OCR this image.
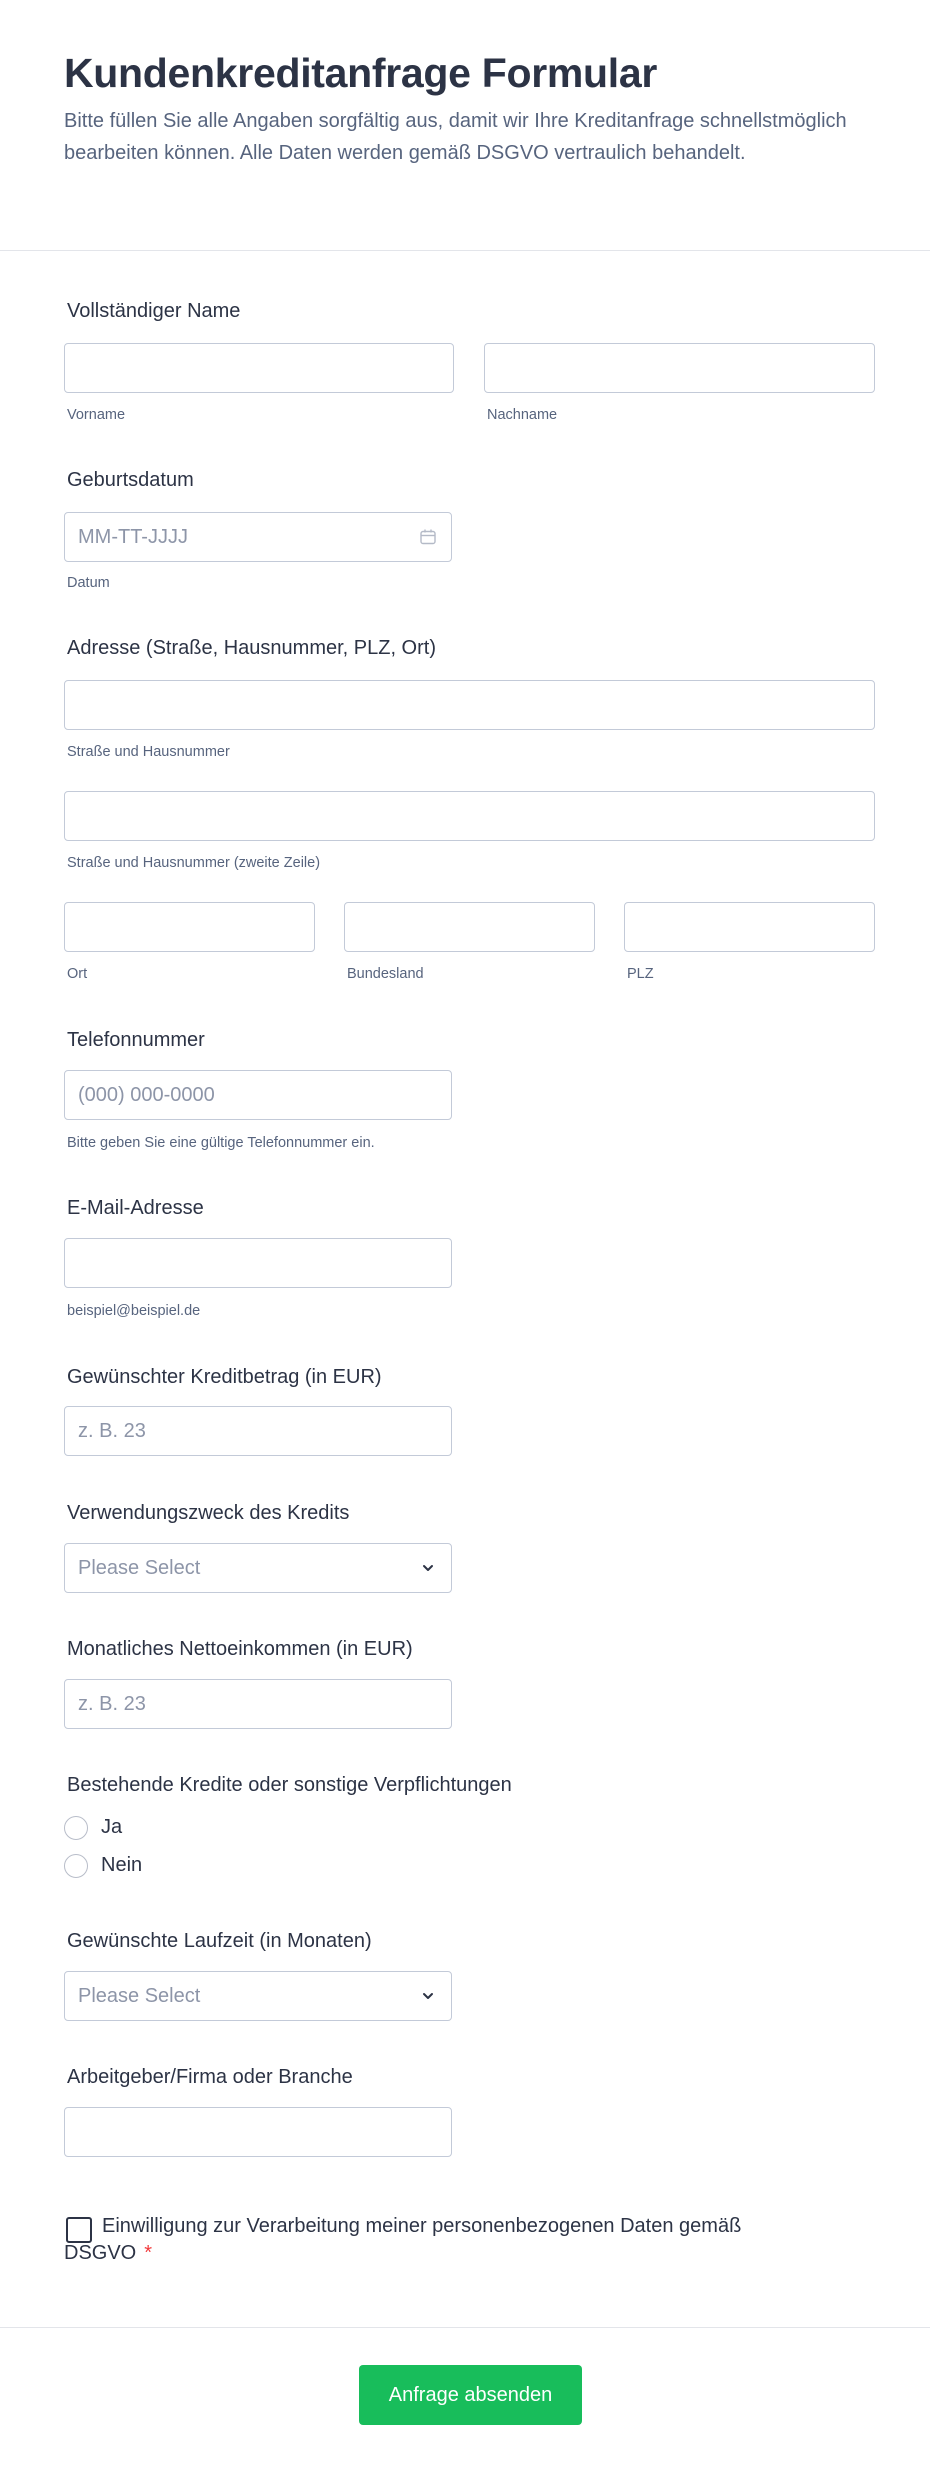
Kundenkreditanfrage Formular
Bitte füllen Sie alle Angaben sorgfältig aus, damit wir Ihre Kreditanfrage schnellstmöglich bearbeiten können. Alle Daten werden gemäß DSGVO vertraulich behandelt.
Vollständiger Name
Vorname	Nachname
Geburtsdatum
MM-TT-JJJJ
Datum
Adresse (Straße, Hausnummer, PLZ, Ort)
Straße und Hausnummer
Straße und Hausnummer (zweite Zeile)
Ort	Bundesland	PLZ
Telefonnummer
(000) 000-0000
Bitte geben Sie eine gültige Telefonnummer ein.
E-Mail-Adresse
beispiel@beispiel.de
Gewünschter Kreditbetrag (in EUR)
z. B. 23
Verwendungszweck des Kredits
Please Select
Monatliches Nettoeinkommen (in EUR)
z. B. 23
Bestehende Kredite oder sonstige Verpflichtungen
Ja
Nein
Gewünschte Laufzeit (in Monaten)
Please Select
Arbeitgeber/Firma oder Branche
Einwilligung zur Verarbeitung meiner personenbezogenen Daten gemäß DSGVO *
Anfrage absenden
